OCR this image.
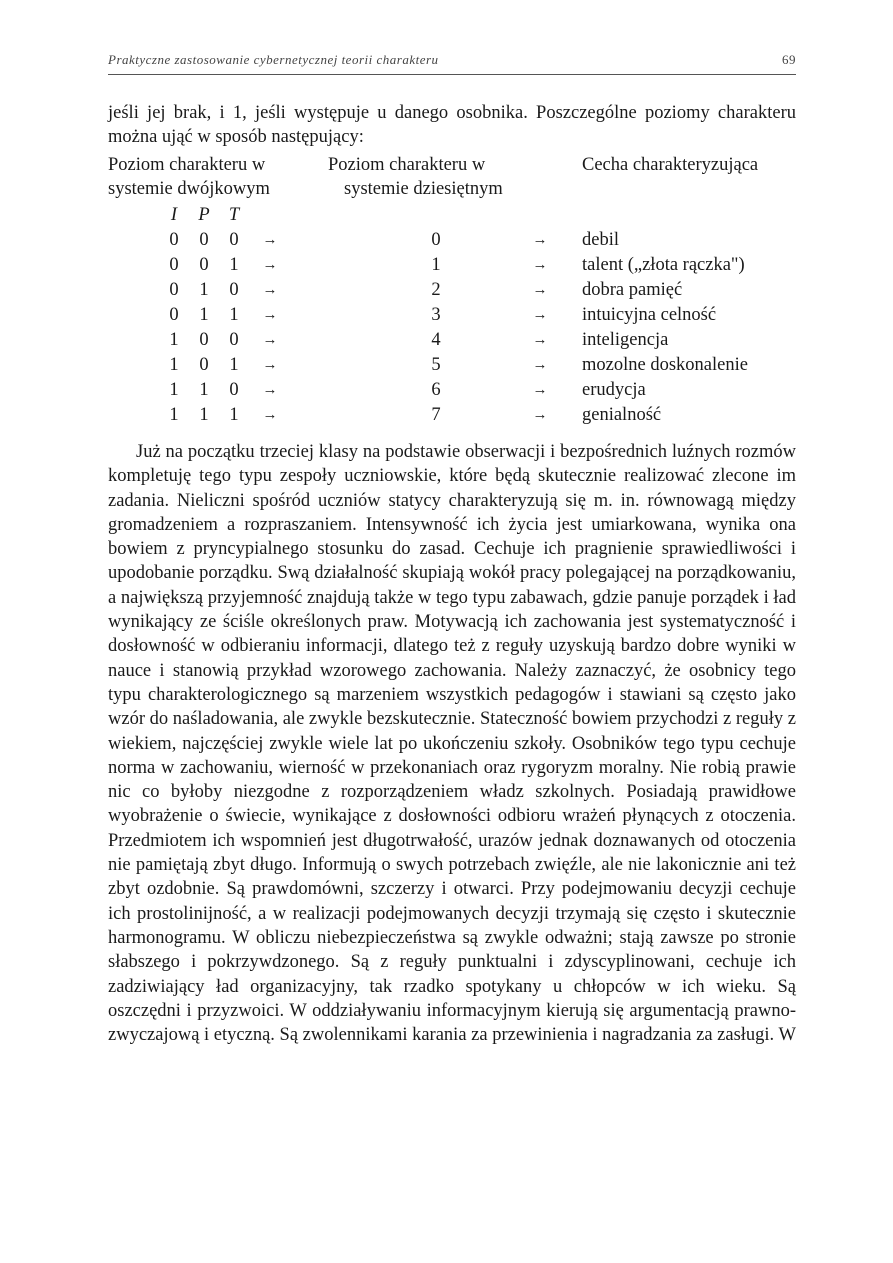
Praktyczne zastosowanie cybernetycznej teorii charakteru	69
jeśli jej brak, i 1, jeśli występuje u danego osobnika. Poszczególne poziomy charakteru można ująć w sposób następujący:
Poziom charakteru w
systemie dwójkowym
Poziom charakteru w
systemie dziesiętnym
Cecha charakteryzująca
I P T
0 0 0	→	0	→ debil
0 0 1	→	1	→ talent („złota rączka")
0 1 0	→	2	→ dobra pamięć
0 1 1	→	3	→ intuicyjna celność
1 0 0	→	4	→ inteligencja
1 0 1	→	5	→ mozolne doskonalenie
1 1 0	→	6	→ erudycja
1 1 1	→	7	→ genialność
Już na początku trzeciej klasy na podstawie obserwacji i bezpośrednich luźnych rozmów kompletuję tego typu zespoły uczniowskie, które będą skutecznie realizować zlecone im zadania. Nieliczni spośród uczniów statycy charakteryzują się m. in. równowagą między gromadzeniem a rozpraszaniem. Intensywność ich życia jest umiarkowana, wynika ona bowiem z pryncypialnego stosunku do zasad. Cechuje ich pragnienie sprawiedliwości i upodobanie porządku. Swą działalność skupiają wokół pracy polegającej na porządkowaniu, a największą przyjemność znajdują także w tego typu zabawach, gdzie panuje porządek i ład wynikający ze ściśle określonych praw. Motywacją ich zachowania jest systematyczność i dosłowność w odbieraniu informacji, dlatego też z reguły uzyskują bardzo dobre wyniki w nauce i stanowią przykład wzorowego zachowania. Należy zaznaczyć, że osobnicy tego typu charakterologicznego są marzeniem wszystkich pedagogów i stawiani są często jako wzór do naśladowania, ale zwykle bezskutecznie. Stateczność bowiem przychodzi z reguły z wiekiem, najczęściej zwykle wiele lat po ukończeniu szkoły. Osobników tego typu cechuje norma w zachowaniu, wierność w przekonaniach oraz rygoryzm moralny. Nie robią prawie nic co byłoby niezgodne z rozporządzeniem władz szkolnych. Posiadają prawidłowe wyobrażenie o świecie, wynikające z dosłowności odbioru wrażeń płynących z otoczenia. Przedmiotem ich wspomnień jest długotrwałość, urazów jednak doznawanych od otoczenia nie pamiętają zbyt długo. Informują o swych potrzebach zwięźle, ale nie lakonicznie ani też zbyt ozdobnie. Są prawdomówni, szczerzy i otwarci. Przy podejmowaniu decyzji cechuje ich prostolinijność, a w realizacji podejmowanych decyzji trzymają się często i skutecznie harmonogramu. W obliczu niebezpieczeństwa są zwykle odważni; stają zawsze po stronie słabszego i pokrzywdzonego. Są z reguły punktualni i zdyscyplinowani, cechuje ich zadziwiający ład organizacyjny, tak rzadko spotykany u chłopców w ich wieku. Są oszczędni i przyzwoici. W oddziaływaniu informacyjnym kierują się argumentacją prawno-zwyczajową i etyczną. Są zwolennikami karania za przewinienia i nagradzania za zasługi. W
